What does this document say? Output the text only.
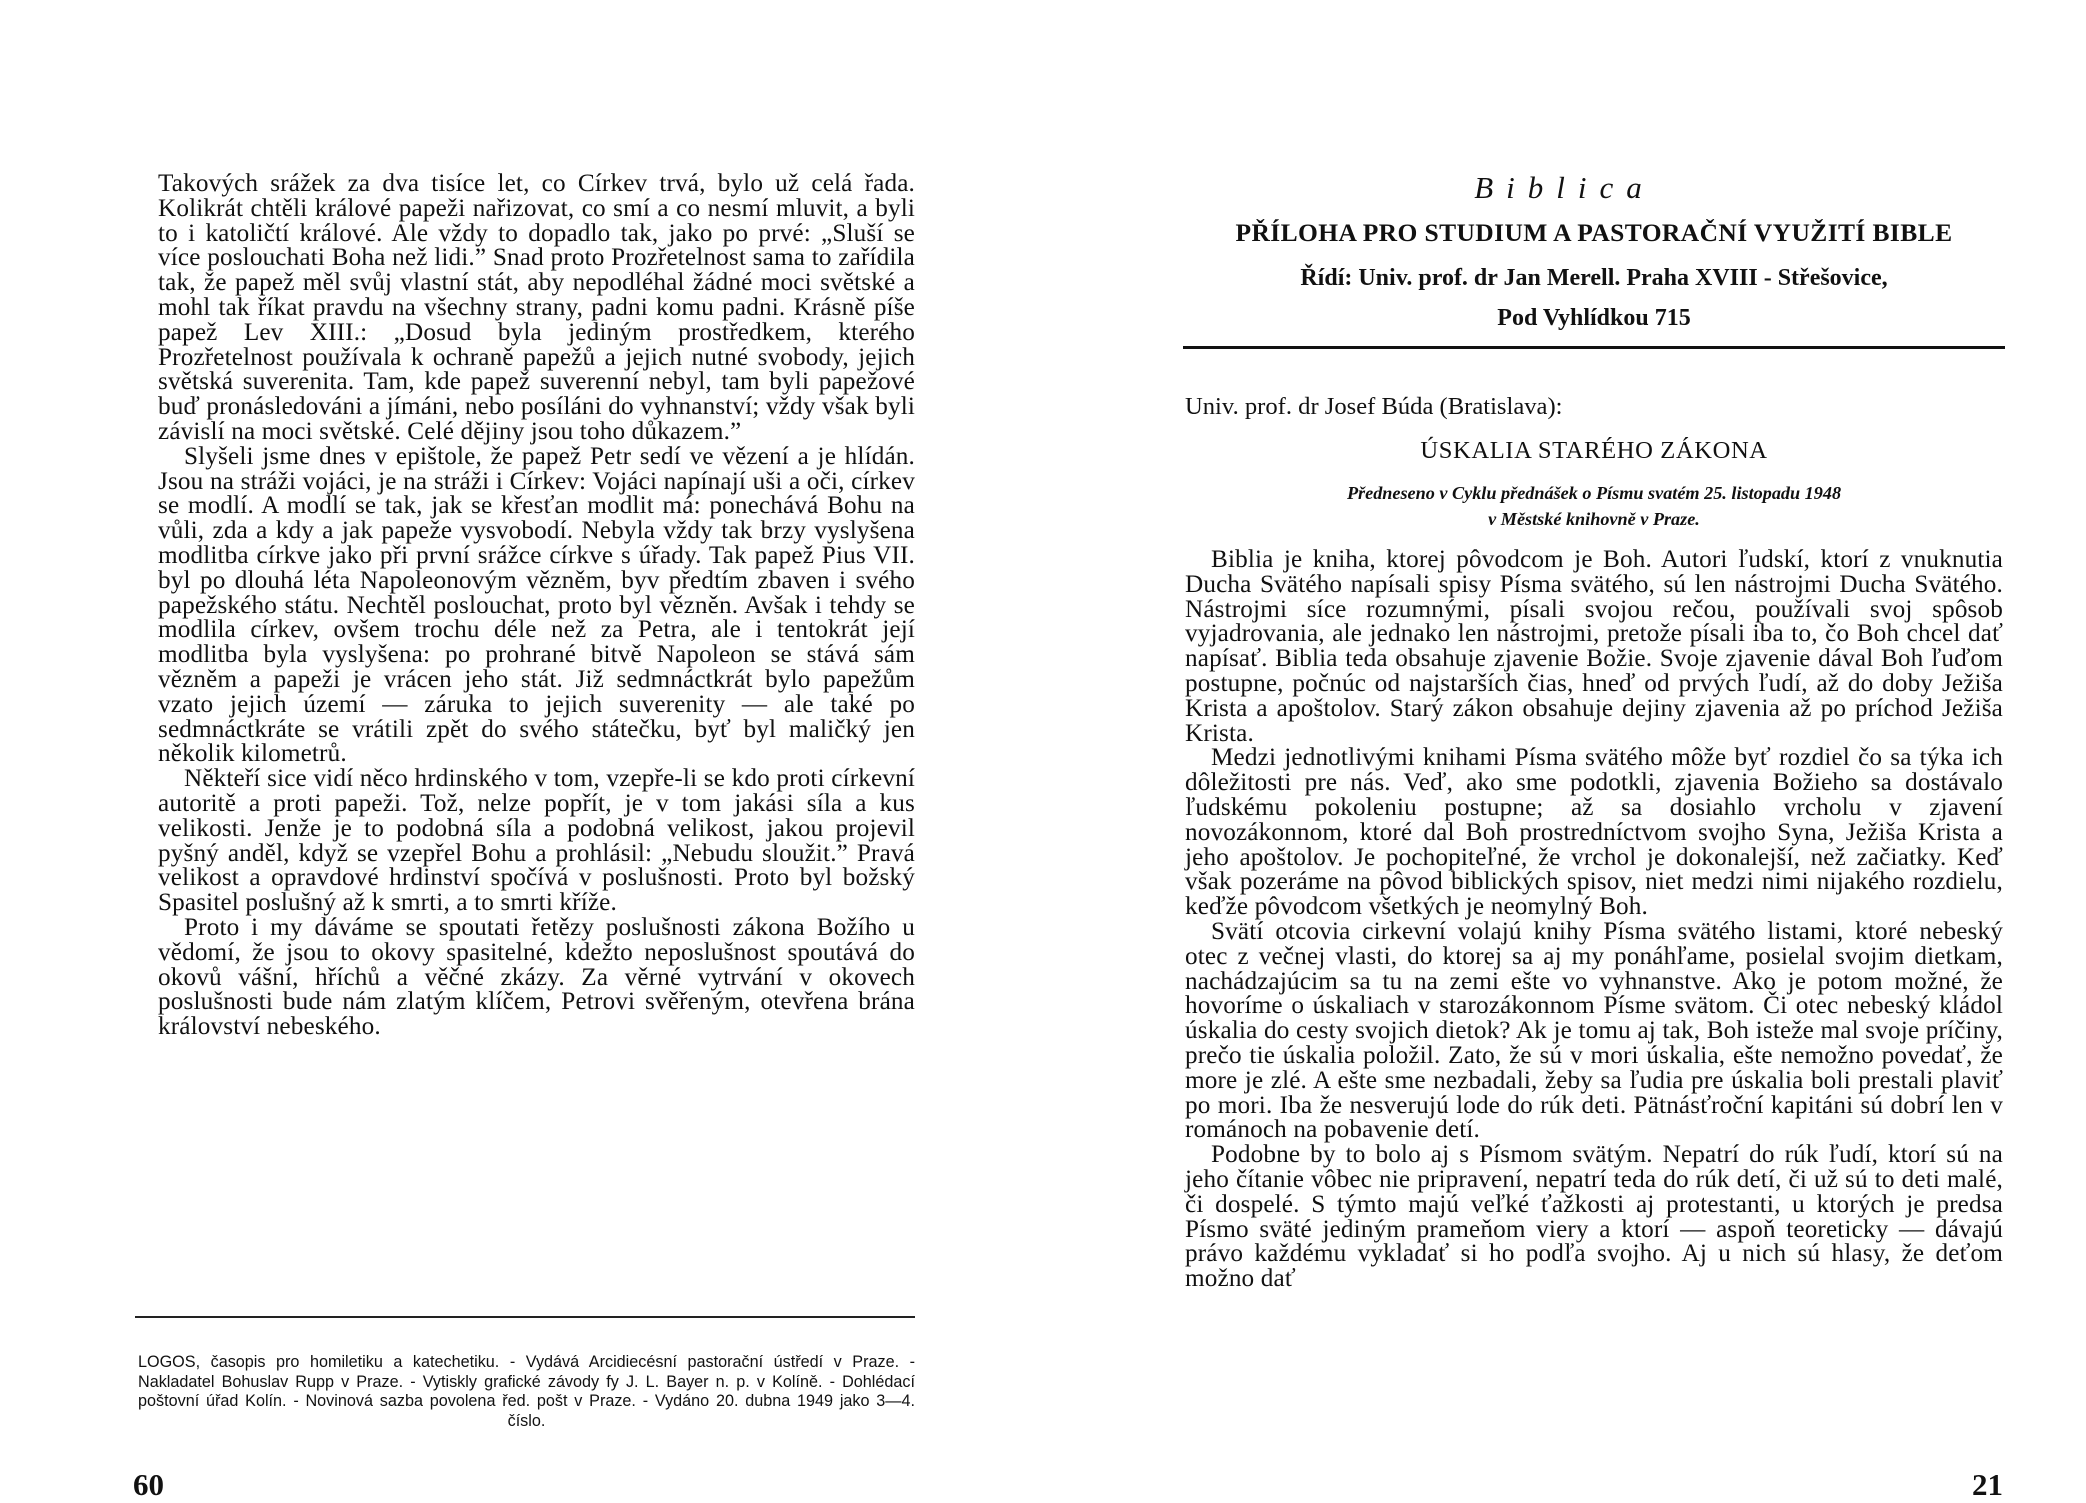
Takových srážek za dva tisíce let, co Církev trvá, bylo už celá řada. Kolikrát chtěli králové papeži nařizovat, co smí a co nesmí mluvit, a byli to i katoličtí králové. Ale vždy to dopadlo tak, jako po prvé: „Sluší se více poslouchati Boha než lidi.” Snad proto Prozřetelnost sama to zařídila tak, že papež měl svůj vlastní stát, aby nepodléhal žádné moci světské a mohl tak říkat pravdu na všechny strany, padni komu padni. Krásně píše papež Lev XIII.: „Dosud byla jediným prostředkem, kterého Prozřetelnost používala k ochraně papežů a jejich nutné svobody, jejich světská suverenita. Tam, kde papež suverenní nebyl, tam byli papežové buď pronásledováni a jímáni, nebo posíláni do vyhnanství; vždy však byli závislí na moci světské. Celé dějiny jsou toho důkazem.”

Slyšeli jsme dnes v epištole, že papež Petr sedí ve vězení a je hlídán. Jsou na stráži vojáci, je na stráži i Církev: Vojáci napínají uši a oči, církev se modlí. A modlí se tak, jak se křesťan modlit má: ponechává Bohu na vůli, zda a kdy a jak papeže vysvobodí. Nebyla vždy tak brzy vyslyšena modlitba církve jako při první srážce církve s úřady. Tak papež Pius VII. byl po dlouhá léta Napoleonovým vězněm, byv předtím zbaven i svého papežského státu. Nechtěl poslouchat, proto byl vězněn. Avšak i tehdy se modlila církev, ovšem trochu déle než za Petra, ale i tentokrát její modlitba byla vyslyšena: po prohrané bitvě Napoleon se stává sám vězněm a papeži je vrácen jeho stát. Již sedmnáctkrát bylo papežům vzato jejich území — záruka to jejich suverenity — ale také po sedmnáctkráte se vrátili zpět do svého státečku, byť byl maličký jen několik kilometrů.

Někteří sice vidí něco hrdinského v tom, vzepře-li se kdo proti církevní autoritě a proti papeži. Tož, nelze popřít, je v tom jakási síla a kus velikosti. Jenže je to podobná síla a podobná velikost, jakou projevil pyšný anděl, když se vzepřel Bohu a prohlásil: „Nebudu sloužit.” Pravá velikost a opravdové hrdinství spočívá v poslušnosti. Proto byl božský Spasitel poslušný až k smrti, a to smrti kříže.

Proto i my dáváme se spoutati řetězy poslušnosti zákona Božího u vědomí, že jsou to okovy spasitelné, kdežto neposlušnost spoutává do okovů vášní, hříchů a věčné zkázy. Za věrné vytrvání v okovech poslušnosti bude nám zlatým klíčem, Petrovi svěřeným, otevřena brána království nebeského.

LOGOS, časopis pro homiletiku a katechetiku. - Vydává Arcidiecésní pastorační ústředí v Praze. - Nakladatel Bohuslav Rupp v Praze. - Vytiskly grafické závody fy J. L. Bayer n. p. v Kolíně. - Dohlédací poštovní úřad Kolín. - Novinová sazba povolena řed. pošt v Praze. - Vydáno 20. dubna 1949 jako 3—4. číslo.

60

Biblica

PŘÍLOHA PRO STUDIUM A PASTORAČNÍ VYUŽITÍ BIBLE

Řídí: Univ. prof. dr Jan Merell. Praha XVIII - Střešovice,
Pod Vyhlídkou 715

Univ. prof. dr Josef Búda (Bratislava):

ÚSKALIA STARÉHO ZÁKONA

Předneseno v Cyklu přednášek o Písmu svatém 25. listopadu 1948
v Městské knihovně v Praze.

Biblia je kniha, ktorej pôvodcom je Boh. Autori ľudskí, ktorí z vnuknutia Ducha Svätého napísali spisy Písma svätého, sú len nástrojmi Ducha Svätého. Nástrojmi síce rozumnými, písali svojou rečou, používali svoj spôsob vyjadrovania, ale jednako len nástrojmi, pretože písali iba to, čo Boh chcel dať napísať. Biblia teda obsahuje zjavenie Božie. Svoje zjavenie dával Boh ľuďom postupne, počnúc od najstarších čias, hneď od prvých ľudí, až do doby Ježiša Krista a apoštolov. Starý zákon obsahuje dejiny zjavenia až po príchod Ježiša Krista.

Medzi jednotlivými knihami Písma svätého môže byť rozdiel čo sa týka ich dôležitosti pre nás. Veď, ako sme podotkli, zjavenia Božieho sa dostávalo ľudskému pokoleniu postupne; až sa dosiahlo vrcholu v zjavení novozákonnom, ktoré dal Boh prostredníctvom svojho Syna, Ježiša Krista a jeho apoštolov. Je pochopiteľné, že vrchol je dokonalejší, než začiatky. Keď však pozeráme na pôvod biblických spisov, niet medzi nimi nijakého rozdielu, keďže pôvodcom všetkých je neomylný Boh.

Svätí otcovia cirkevní volajú knihy Písma svätého listami, ktoré nebeský otec z večnej vlasti, do ktorej sa aj my ponáhľame, posielal svojim dietkam, nachádzajúcim sa tu na zemi ešte vo vyhnanstve. Ako je potom možné, že hovoríme o úskaliach v starozákonnom Písme svätom. Či otec nebeský kládol úskalia do cesty svojich dietok? Ak je tomu aj tak, Boh isteže mal svoje príčiny, prečo tie úskalia položil. Zato, že sú v mori úskalia, ešte nemožno povedať, že more je zlé. A ešte sme nezbadali, žeby sa ľudia pre úskalia boli prestali plaviť po mori. Iba že nesverujú lode do rúk deti. Pätnásťroční kapitáni sú dobrí len v románoch na pobavenie detí.

Podobne by to bolo aj s Písmom svätým. Nepatrí do rúk ľudí, ktorí sú na jeho čítanie vôbec nie pripravení, nepatrí teda do rúk detí, či už sú to deti malé, či dospelé. S týmto majú veľké ťažkosti aj protestanti, u ktorých je predsa Písmo sväté jediným prameňom viery a ktorí — aspoň teoreticky — dávajú právo každému vykladať si ho podľa svojho. Aj u nich sú hlasy, že deťom možno dať

21
